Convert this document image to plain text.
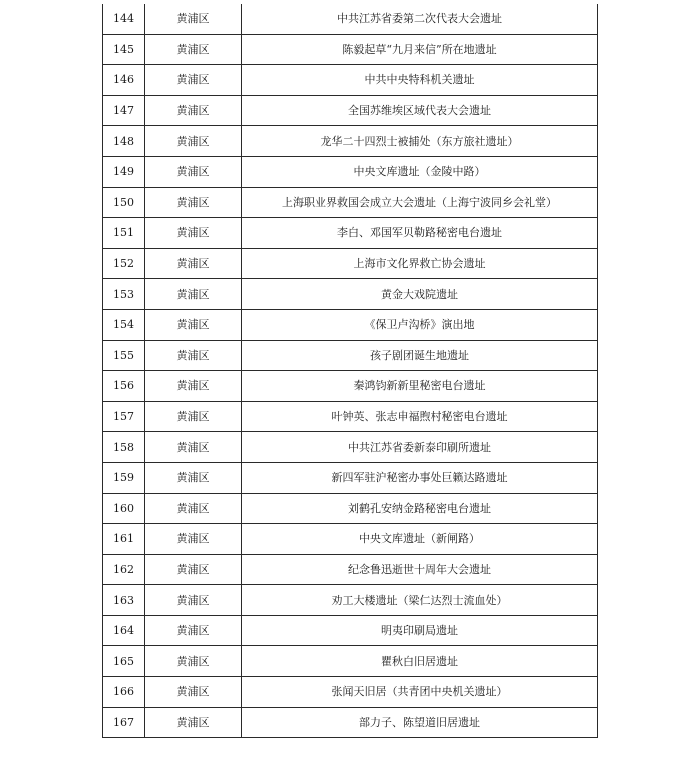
144	黄浦区	中共江苏省委第二次代表大会遗址
145	黄浦区	陈毅起草“九月来信”所在地遗址
146	黄浦区	中共中央特科机关遗址
147	黄浦区	全国苏维埃区域代表大会遗址
148	黄浦区	龙华二十四烈士被捕处（东方旅社遗址）
149	黄浦区	中央文库遗址（金陵中路）
150	黄浦区	上海职业界救国会成立大会遗址（上海宁波同乡会礼堂）
151	黄浦区	李白、邓国军贝勒路秘密电台遗址
152	黄浦区	上海市文化界救亡协会遗址
153	黄浦区	黄金大戏院遗址
154	黄浦区	《保卫卢沟桥》演出地
155	黄浦区	孩子剧团诞生地遗址
156	黄浦区	秦鸿钧新新里秘密电台遗址
157	黄浦区	叶钟英、张志申福煦村秘密电台遗址
158	黄浦区	中共江苏省委新泰印刷所遗址
159	黄浦区	新四军驻沪秘密办事处巨籁达路遗址
160	黄浦区	刘鹤孔安纳金路秘密电台遗址
161	黄浦区	中央文库遗址（新闸路）
162	黄浦区	纪念鲁迅逝世十周年大会遗址
163	黄浦区	劝工大楼遗址（梁仁达烈士流血处）
164	黄浦区	明夷印刷局遗址
165	黄浦区	瞿秋白旧居遗址
166	黄浦区	张闻天旧居（共青团中央机关遗址）
167	黄浦区	部力子、陈望道旧居遗址
